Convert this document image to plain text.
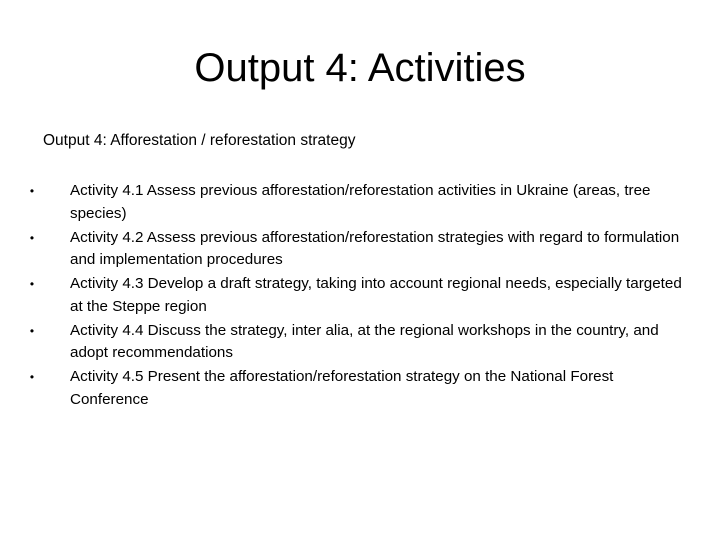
Output 4: Activities

Output 4: Afforestation / reforestation strategy

• Activity 4.1 Assess previous afforestation/reforestation activities in Ukraine (areas, tree species)
• Activity 4.2 Assess previous afforestation/reforestation strategies with regard to formulation and implementation procedures
• Activity 4.3 Develop a draft strategy, taking into account regional needs, especially targeted at the Steppe region
• Activity 4.4 Discuss the strategy, inter alia, at the regional workshops in the country, and adopt recommendations
• Activity 4.5 Present the afforestation/reforestation strategy on the National Forest Conference
